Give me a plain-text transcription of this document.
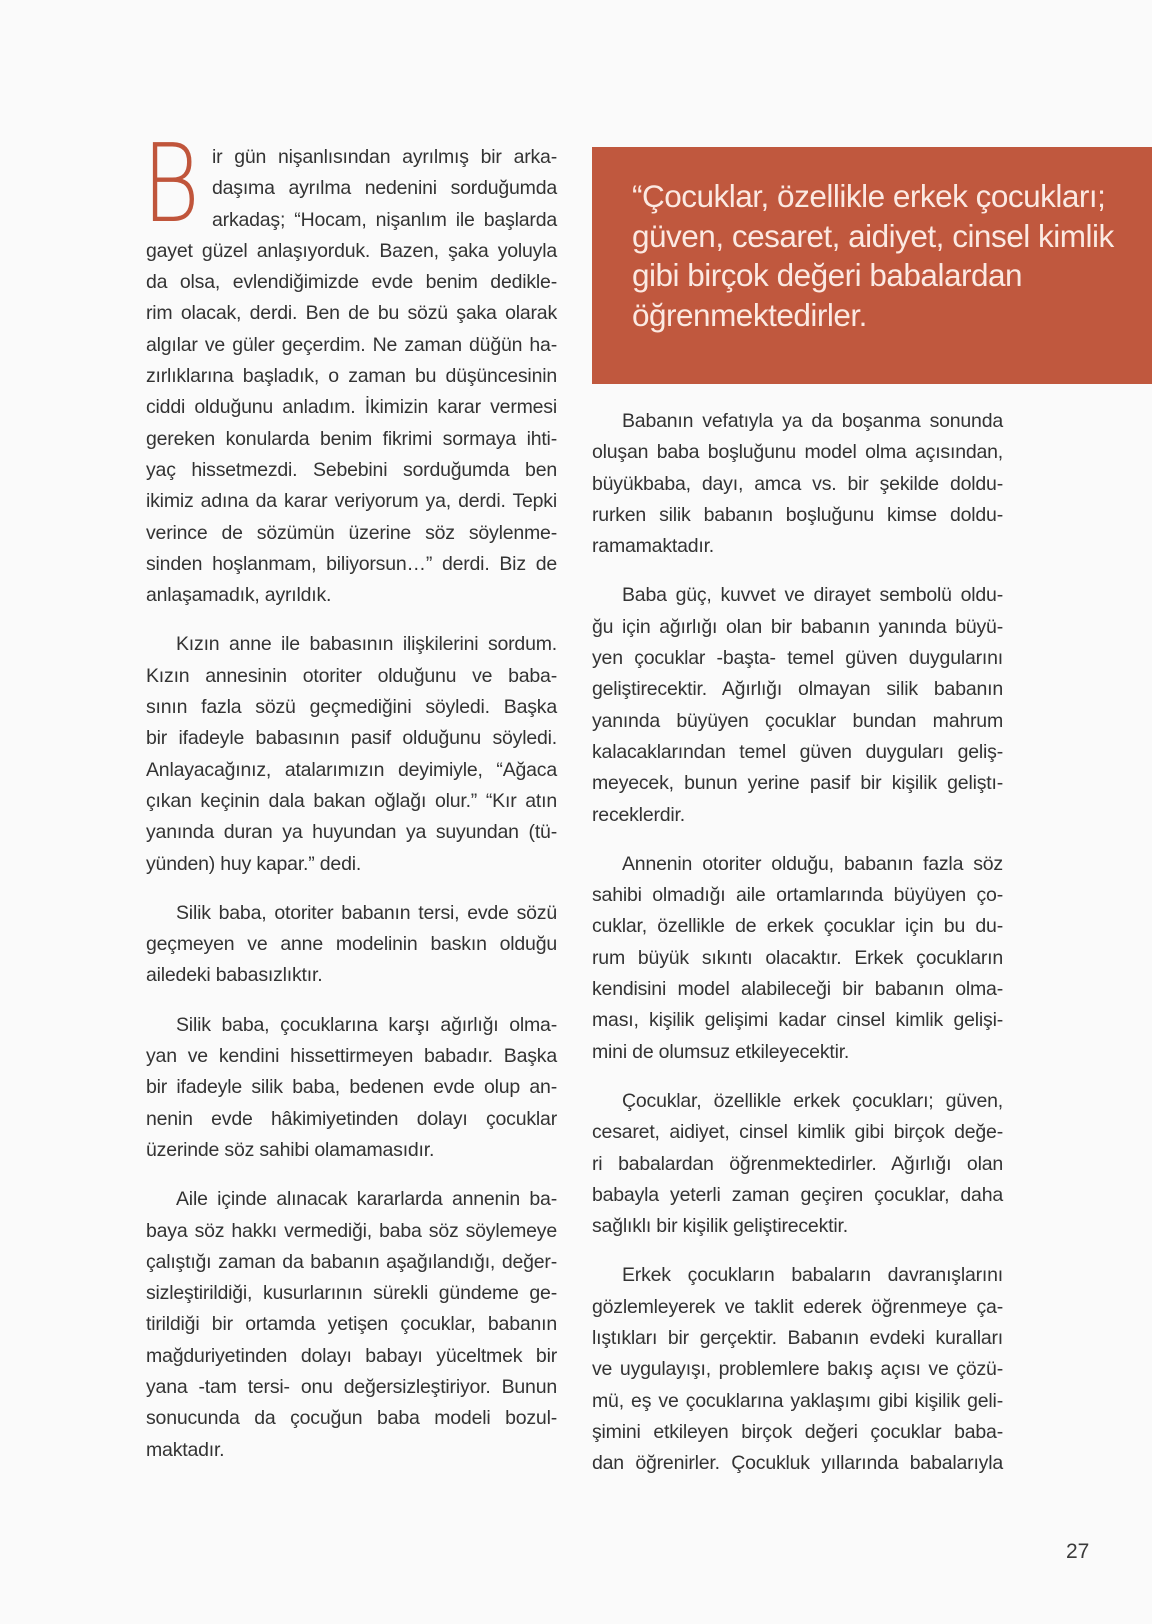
B ir gün nişanlısından ayrılmış bir arka-
daşıma ayrılma nedenini sorduğumda
arkadaş; “Hocam, nişanlım ile başlarda
gayet güzel anlaşıyorduk. Bazen, şaka yoluyla
da olsa, evlendiğimizde evde benim dedikle-
rim olacak, derdi. Ben de bu sözü şaka olarak
algılar ve güler geçerdim. Ne zaman düğün ha-
zırlıklarına başladık, o zaman bu düşüncesinin
ciddi olduğunu anladım. İkimizin karar vermesi
gereken konularda benim fikrimi sormaya ihti-
yaç hissetmezdi. Sebebini sorduğumda ben
ikimiz adına da karar veriyorum ya, derdi. Tepki
verince de sözümün üzerine söz söylenme-
sinden hoşlanmam, biliyorsun…” derdi. Biz de
anlaşamadık, ayrıldık.

Kızın anne ile babasının ilişkilerini sordum.
Kızın annesinin otoriter olduğunu ve baba-
sının fazla sözü geçmediğini söyledi. Başka
bir ifadeyle babasının pasif olduğunu söyledi.
Anlayacağınız, atalarımızın deyimiyle, “Ağaca
çıkan keçinin dala bakan oğlağı olur.” “Kır atın
yanında duran ya huyundan ya suyundan (tü-
yünden) huy kapar.” dedi.

Silik baba, otoriter babanın tersi, evde sözü
geçmeyen ve anne modelinin baskın olduğu
ailedeki babasızlıktır.

Silik baba, çocuklarına karşı ağırlığı olma-
yan ve kendini hissettirmeyen babadır. Başka
bir ifadeyle silik baba, bedenen evde olup an-
nenin evde hâkimiyetinden dolayı çocuklar
üzerinde söz sahibi olamamasıdır.

Aile içinde alınacak kararlarda annenin ba-
baya söz hakkı vermediği, baba söz söylemeye
çalıştığı zaman da babanın aşağılandığı, değer-
sizleştirildiği, kusurlarının sürekli gündeme ge-
tirildiği bir ortamda yetişen çocuklar, babanın
mağduriyetinden dolayı babayı yüceltmek bir
yana -tam tersi- onu değersizleştiriyor. Bunun
sonucunda da çocuğun baba modeli bozul-
maktadır.

“Çocuklar, özellikle erkek çocukları;
güven, cesaret, aidiyet, cinsel kimlik
gibi birçok değeri babalardan
öğrenmektedirler.

Babanın vefatıyla ya da boşanma sonunda
oluşan baba boşluğunu model olma açısından,
büyükbaba, dayı, amca vs. bir şekilde doldu-
rurken silik babanın boşluğunu kimse doldu-
ramamaktadır.

Baba güç, kuvvet ve dirayet sembolü oldu-
ğu için ağırlığı olan bir babanın yanında büyü-
yen çocuklar -başta- temel güven duygularını
geliştirecektir. Ağırlığı olmayan silik babanın
yanında büyüyen çocuklar bundan mahrum
kalacaklarından temel güven duyguları geliş-
meyecek, bunun yerine pasif bir kişilik geliştı-
receklerdir.

Annenin otoriter olduğu, babanın fazla söz
sahibi olmadığı aile ortamlarında büyüyen ço-
cuklar, özellikle de erkek çocuklar için bu du-
rum büyük sıkıntı olacaktır. Erkek çocukların
kendisini model alabileceği bir babanın olma-
ması, kişilik gelişimi kadar cinsel kimlik gelişi-
mini de olumsuz etkileyecektir.

Çocuklar, özellikle erkek çocukları; güven,
cesaret, aidiyet, cinsel kimlik gibi birçok değe-
ri babalardan öğrenmektedirler. Ağırlığı olan
babayla yeterli zaman geçiren çocuklar, daha
sağlıklı bir kişilik geliştirecektir.

Erkek çocukların babaların davranışlarını
gözlemleyerek ve taklit ederek öğrenmeye ça-
lıştıkları bir gerçektir. Babanın evdeki kuralları
ve uygulayışı, problemlere bakış açısı ve çözü-
mü, eş ve çocuklarına yaklaşımı gibi kişilik geli-
şimini etkileyen birçok değeri çocuklar baba-
dan öğrenirler. Çocukluk yıllarında babalarıyla

27
